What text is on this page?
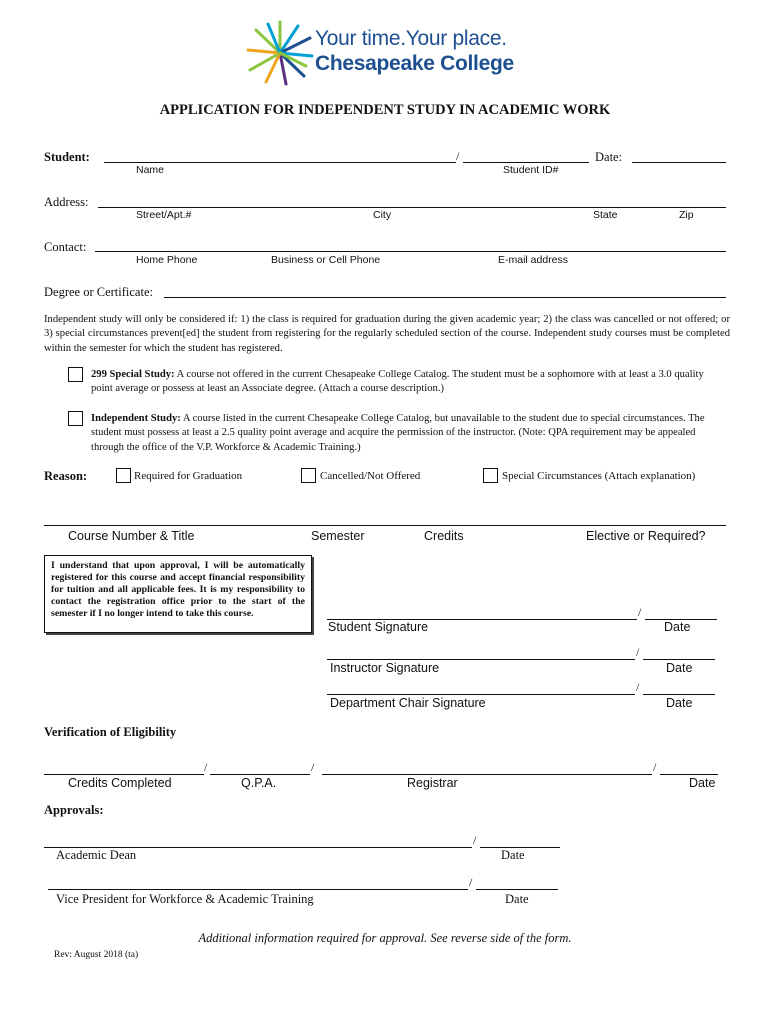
Your time.Your place.
Chesapeake College
APPLICATION FOR INDEPENDENT STUDY IN ACADEMIC WORK
Student:	/	Date:
Name	Student ID#
Address:
Street/Apt.#	City	State	Zip
Contact:
Home Phone	Business or Cell Phone	E-mail address
Degree or Certificate:
Independent study will only be considered if: 1) the class is required for graduation during the given academic year; 2) the class was cancelled or not offered; or 3) special circumstances prevent[ed] the student from registering for the regularly scheduled section of the course. Independent study courses must be completed within the semester for which the student has registered.
299 Special Study: A course not offered in the current Chesapeake College Catalog. The student must be a sophomore with at least a 3.0 quality point average or possess at least an Associate degree. (Attach a course description.)
Independent Study: A course listed in the current Chesapeake College Catalog, but unavailable to the student due to special circumstances. The student must possess at least a 2.5 quality point average and acquire the permission of the instructor. (Note: QPA requirement may be appealed through the office of the V.P. Workforce & Academic Training.)
Reason:	Required for Graduation	Cancelled/Not Offered	Special Circumstances (Attach explanation)
Course Number & Title	Semester	Credits	Elective or Required?
I understand that upon approval, I will be automatically registered for this course and accept financial responsibility for tuition and all applicable fees. It is my responsibility to contact the registration office prior to the start of the semester if I no longer intend to take this course.	/
Student Signature	Date
/
Instructor Signature	Date
/
Department Chair Signature	Date
Verification of Eligibility
/	/	/
Credits Completed	Q.P.A.	Registrar	Date
Approvals:
/
Academic Dean	Date
/
Vice President for Workforce & Academic Training	Date
Additional information required for approval. See reverse side of the form.
Rev: August 2018 (ta)
